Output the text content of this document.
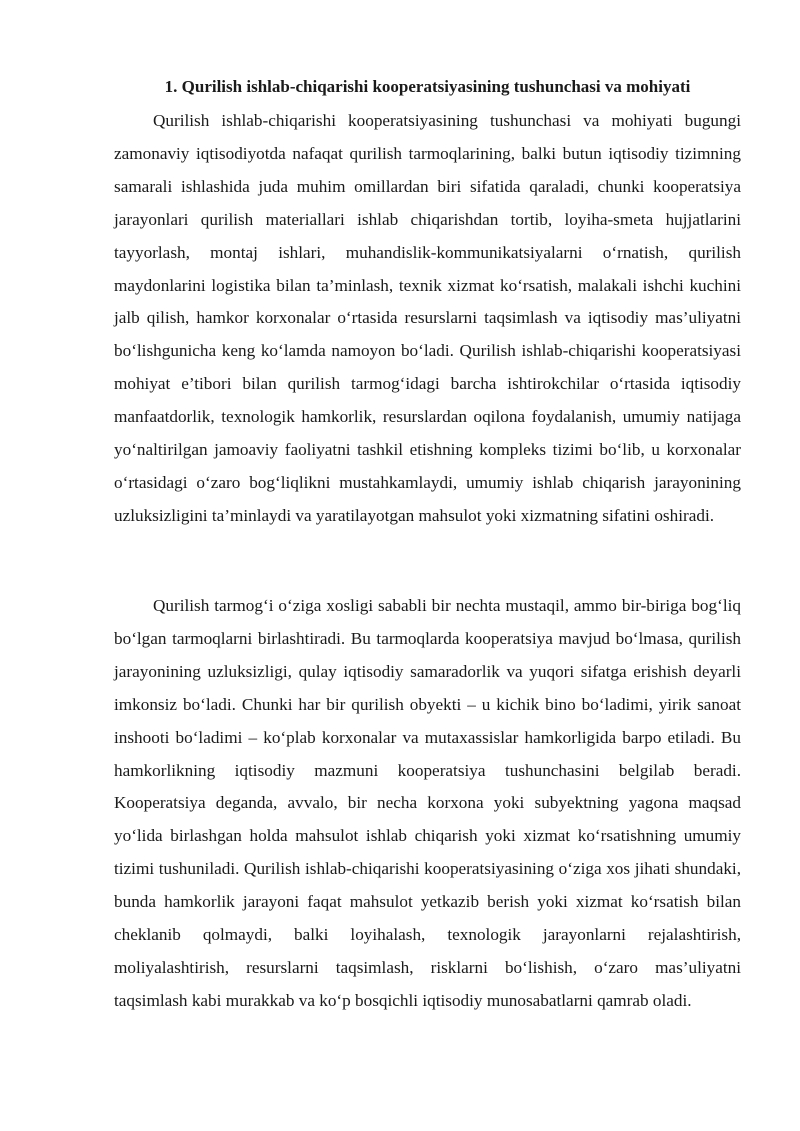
1. Qurilish ishlab-chiqarishi kooperatsiyasining tushunchasi va mohiyati

Qurilish ishlab-chiqarishi kooperatsiyasining tushunchasi va mohiyati bugungi zamonaviy iqtisodiyotda nafaqat qurilish tarmoqlarining, balki butun iqtisodiy tizimning samarali ishlashida juda muhim omillardan biri sifatida qaraladi, chunki kooperatsiya jarayonlari qurilish materiallari ishlab chiqarishdan tortib, loyiha-smeta hujjatlarini tayyorlash, montaj ishlari, muhandislik-kommunikatsiyalarni o‘rnatish, qurilish maydonlarini logistika bilan ta’minlash, texnik xizmat ko‘rsatish, malakali ishchi kuchini jalb qilish, hamkor korxonalar o‘rtasida resurslarni taqsimlash va iqtisodiy mas’uliyatni bo‘lishgunicha keng ko‘lamda namoyon bo‘ladi. Qurilish ishlab-chiqarishi kooperatsiyasi mohiyat e’tibori bilan qurilish tarmog‘idagi barcha ishtirokchilar o‘rtasida iqtisodiy manfaatdorlik, texnologik hamkorlik, resurslardan oqilona foydalanish, umumiy natijaga yo‘naltirilgan jamoaviy faoliyatni tashkil etishning kompleks tizimi bo‘lib, u korxonalar o‘rtasidagi o‘zaro bog‘liqlikni mustahkamlaydi, umumiy ishlab chiqarish jarayonining uzluksizligini ta’minlaydi va yaratilayotgan mahsulot yoki xizmatning sifatini oshiradi.

Qurilish tarmog‘i o‘ziga xosligi sababli bir nechta mustaqil, ammo bir-biriga bog‘liq bo‘lgan tarmoqlarni birlashtiradi. Bu tarmoqlarda kooperatsiya mavjud bo‘lmasa, qurilish jarayonining uzluksizligi, qulay iqtisodiy samaradorlik va yuqori sifatga erishish deyarli imkonsiz bo‘ladi. Chunki har bir qurilish obyekti – u kichik bino bo‘ladimi, yirik sanoat inshooti bo‘ladimi – ko‘plab korxonalar va mutaxassislar hamkorligida barpo etiladi. Bu hamkorlikning iqtisodiy mazmuni kooperatsiya tushunchasini belgilab beradi. Kooperatsiya deganda, avvalo, bir necha korxona yoki subyektning yagona maqsad yo‘lida birlashgan holda mahsulot ishlab chiqarish yoki xizmat ko‘rsatishning umumiy tizimi tushuniladi. Qurilish ishlab-chiqarishi kooperatsiyasining o‘ziga xos jihati shundaki, bunda hamkorlik jarayoni faqat mahsulot yetkazib berish yoki xizmat ko‘rsatish bilan cheklanib qolmaydi, balki loyihalash, texnologik jarayonlarni rejalashtirish, moliyalashtirish, resurslarni taqsimlash, risklarni bo‘lishish, o‘zaro mas’uliyatni taqsimlash kabi murakkab va ko‘p bosqichli iqtisodiy munosabatlarni qamrab oladi.
